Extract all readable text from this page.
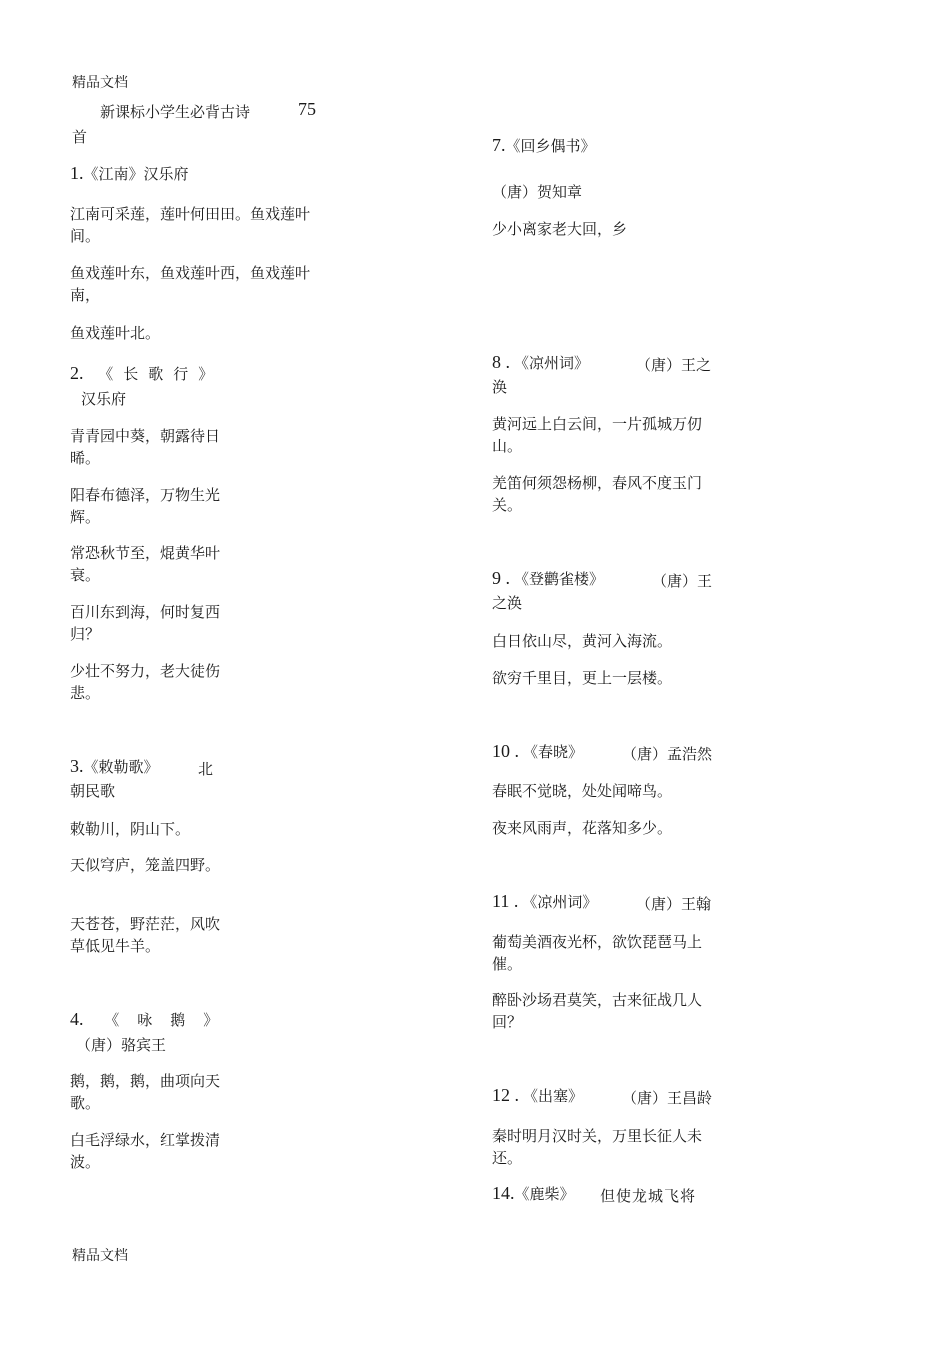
精品文档
精品文档
新课标小学生必背古诗	75
首
1.《江南》汉乐府
江南可采莲，莲叶何田田。鱼戏莲叶间。
鱼戏莲叶东，鱼戏莲叶西，鱼戏莲叶南，
鱼戏莲叶北。
2. 《长歌行》
汉乐府
青青园中葵，朝露待日晞。
阳春布德泽，万物生光辉。
常恐秋节至，焜黄华叶衰。
百川东到海，何时复西归？
少壮不努力，老大徒伤悲。
3.《敕勒歌》	北
朝民歌
敕勒川，阴山下。
天似穹庐，笼盖四野。
天苍苍，野茫茫，风吹草低见牛羊。
4. 《咏鹅》
（唐）骆宾王
鹅，鹅，鹅，曲项向天歌。
白毛浮绿水，红掌拨清波。
7.《回乡偶书》
（唐）贺知章
少小离家老大回，乡
8 . 《凉州词》	（唐）王之
涣
黄河远上白云间，一片孤城万仞山。
羌笛何须怨杨柳，春风不度玉门关。
9 . 《登鹳雀楼》	（唐）王
之涣
白日依山尽，黄河入海流。
欲穷千里目，更上一层楼。
10 . 《春晓》	（唐）孟浩然
春眠不觉晓，处处闻啼鸟。
夜来风雨声，花落知多少。
11 . 《凉州词》	（唐）王翰
葡萄美酒夜光杯，欲饮琵琶马上催。
醉卧沙场君莫笑，古来征战几人回？
12 . 《出塞》	（唐）王昌龄
秦时明月汉时关，万里长征人未还。
14.《鹿柴》	但使龙城飞将
